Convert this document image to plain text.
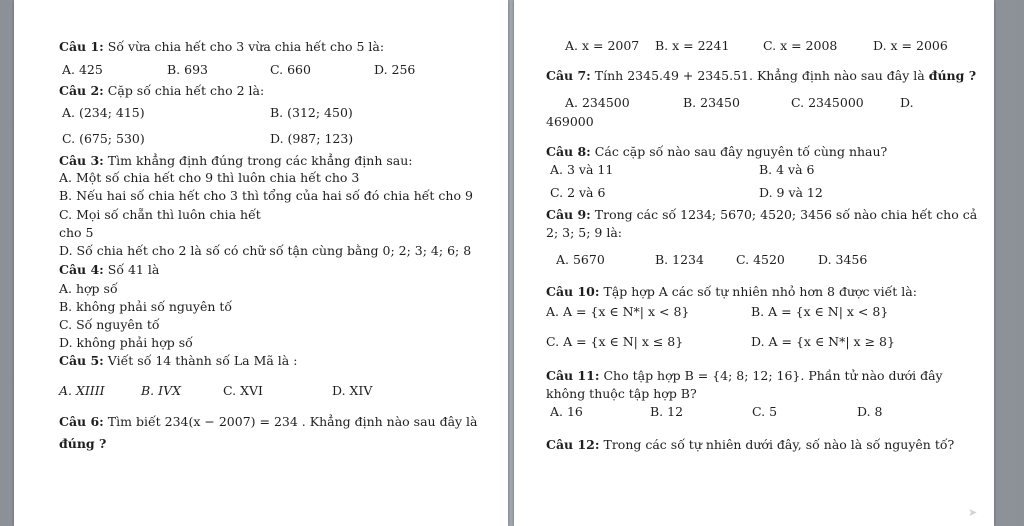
Câu 1: Số vừa chia hết cho 3 vừa chia hết cho 5 là:
A. 425	B. 693	C. 660	D. 256
Câu 2: Cặp số chia hết cho 2 là:
A. (234; 415)	B. (312; 450)
C. (675; 530)	D. (987; 123)
Câu 3: Tìm khẳng định đúng trong các khẳng định sau:
A. Một số chia hết cho 9 thì luôn chia hết cho 3
B. Nếu hai số chia hết cho 3 thì tổng của hai số đó chia hết cho 9
C. Mọi số chẵn thì luôn chia hết
cho 5
D. Số chia hết cho 2 là số có chữ số tận cùng bằng 0; 2; 3; 4; 6; 8
Câu 4: Số 41 là
A. hợp số
B. không phải số nguyên tố
C. Số nguyên tố
D. không phải hợp số
Câu 5: Viết số 14 thành số La Mã là :
A. XIIII	B. IVX	C. XVI	D. XIV
Câu 6: Tìm biết 234(x − 2007) = 234 . Khẳng định nào sau đây là
đúng ?
A. x = 2007 B. x = 2241	C. x = 2008	D. x = 2006
Câu 7: Tính 2345.49 + 2345.51. Khẳng định nào sau đây là đúng ?
A. 234500	B. 23450	C. 2345000	D.
469000
Câu 8: Các cặp số nào sau đây nguyên tố cùng nhau?
A. 3 và 11	B. 4 và 6
C. 2 và 6	D. 9 và 12
Câu 9: Trong các số 1234; 5670; 4520; 3456 số nào chia hết cho cả
2; 3; 5; 9 là:
A. 5670	B. 1234	C. 4520	D. 3456
Câu 10: Tập hợp A các số tự nhiên nhỏ hơn 8 được viết là:
A. A = {x ∈ N*| x < 8}	B. A = {x ∈ N| x < 8}
C. A = {x ∈ N| x ≤ 8}	D. A = {x ∈ N*| x ≥ 8}
Câu 11: Cho tập hợp B = {4; 8; 12; 16}. Phần tử nào dưới đây
không thuộc tập hợp B?
A. 16	B. 12	C. 5	D. 8
Câu 12: Trong các số tự nhiên dưới đây, số nào là số nguyên tố?
➤
